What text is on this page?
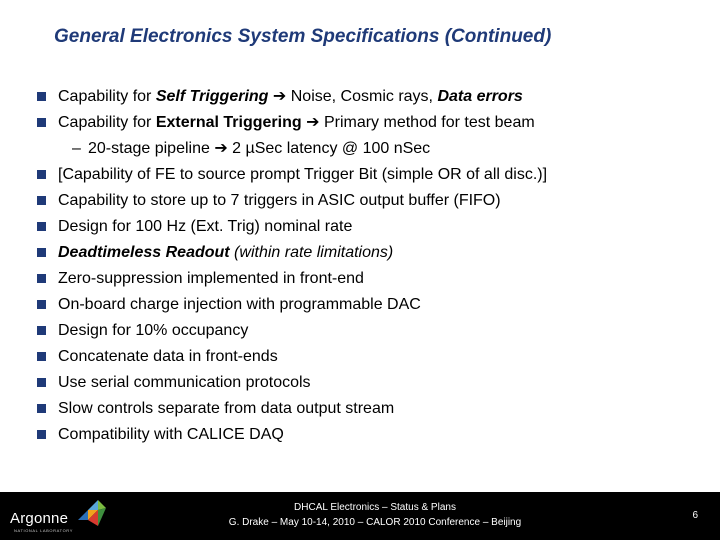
General Electronics System Specifications (Continued)
Capability for Self Triggering ➔ Noise, Cosmic rays, Data errors
Capability for External Triggering ➔ Primary method for test beam
– 20-stage pipeline ➔ 2 µSec latency @ 100 nSec
[Capability of FE to source prompt Trigger Bit (simple OR of all disc.)]
Capability to store up to 7 triggers in ASIC output buffer (FIFO)
Design for 100 Hz (Ext. Trig) nominal rate
Deadtimeless Readout (within rate limitations)
Zero-suppression implemented in front-end
On-board charge injection with programmable DAC
Design for 10% occupancy
Concatenate data in front-ends
Use serial communication protocols
Slow controls separate from data output stream
Compatibility with CALICE DAQ
Argonne
NATIONAL LABORATORY
DHCAL Electronics – Status & Plans
G. Drake – May 10-14, 2010 – CALOR 2010 Conference – Beijing
6
